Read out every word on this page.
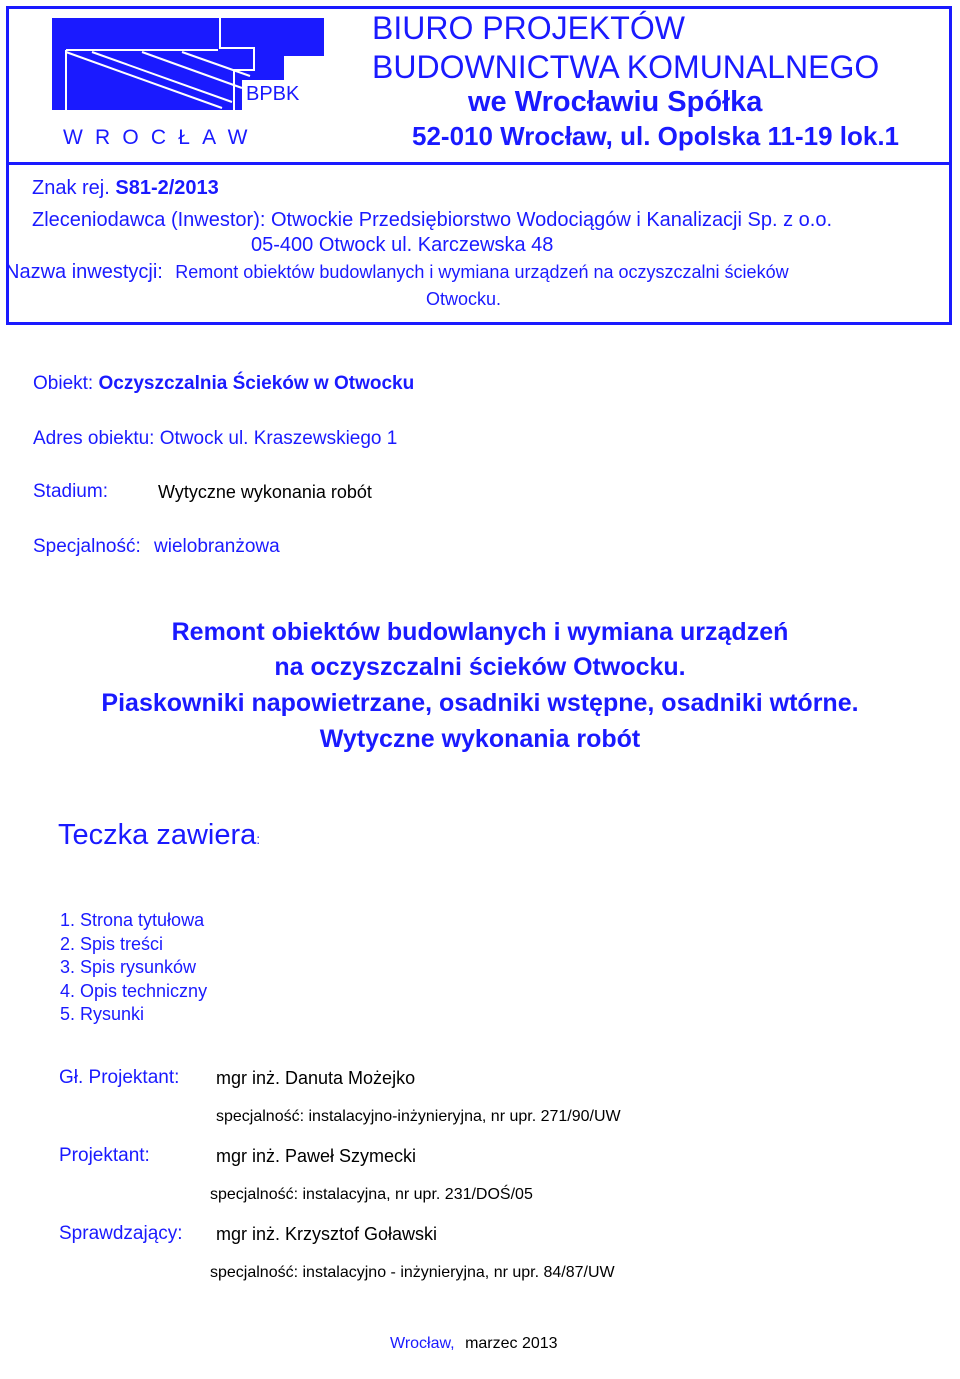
BPBK
WROCŁAW
BIURO PROJEKTÓW
BUDOWNICTWA KOMUNALNEGO
we Wrocławiu Spółka
52-010 Wrocław, ul. Opolska 11-19 lok.1
Znak rej. S81-2/2013
Zleceniodawca (Inwestor): Otwockie Przedsiębiorstwo Wodociągów i Kanalizacji Sp. z o.o.
05-400 Otwock ul. Karczewska 48
Nazwa inwestycji: Remont obiektów budowlanych i wymiana urządzeń na oczyszczalni ścieków
Otwocku.
Obiekt: Oczyszczalnia Ścieków w Otwocku
Adres obiektu: Otwock ul. Kraszewskiego 1
Stadium:	Wytyczne wykonania robót
Specjalność: wielobranżowa
Remont obiektów budowlanych i wymiana urządzeń
na oczyszczalni ścieków Otwocku.
Piaskowniki napowietrzane, osadniki wstępne, osadniki wtórne.
Wytyczne wykonania robót
Teczka zawiera:
1. Strona tytułowa
2. Spis treści
3. Spis rysunków
4. Opis techniczny
5. Rysunki
Gł. Projektant: mgr inż. Danuta Możejko
specjalność: instalacyjno-inżynieryjna, nr upr. 271/90/UW
Projektant:	mgr inż. Paweł Szymecki
specjalność: instalacyjna, nr upr. 231/DOŚ/05
Sprawdzający: mgr inż. Krzysztof Goławski
specjalność: instalacyjno - inżynieryjna, nr upr. 84/87/UW
Wrocław, marzec 2013
